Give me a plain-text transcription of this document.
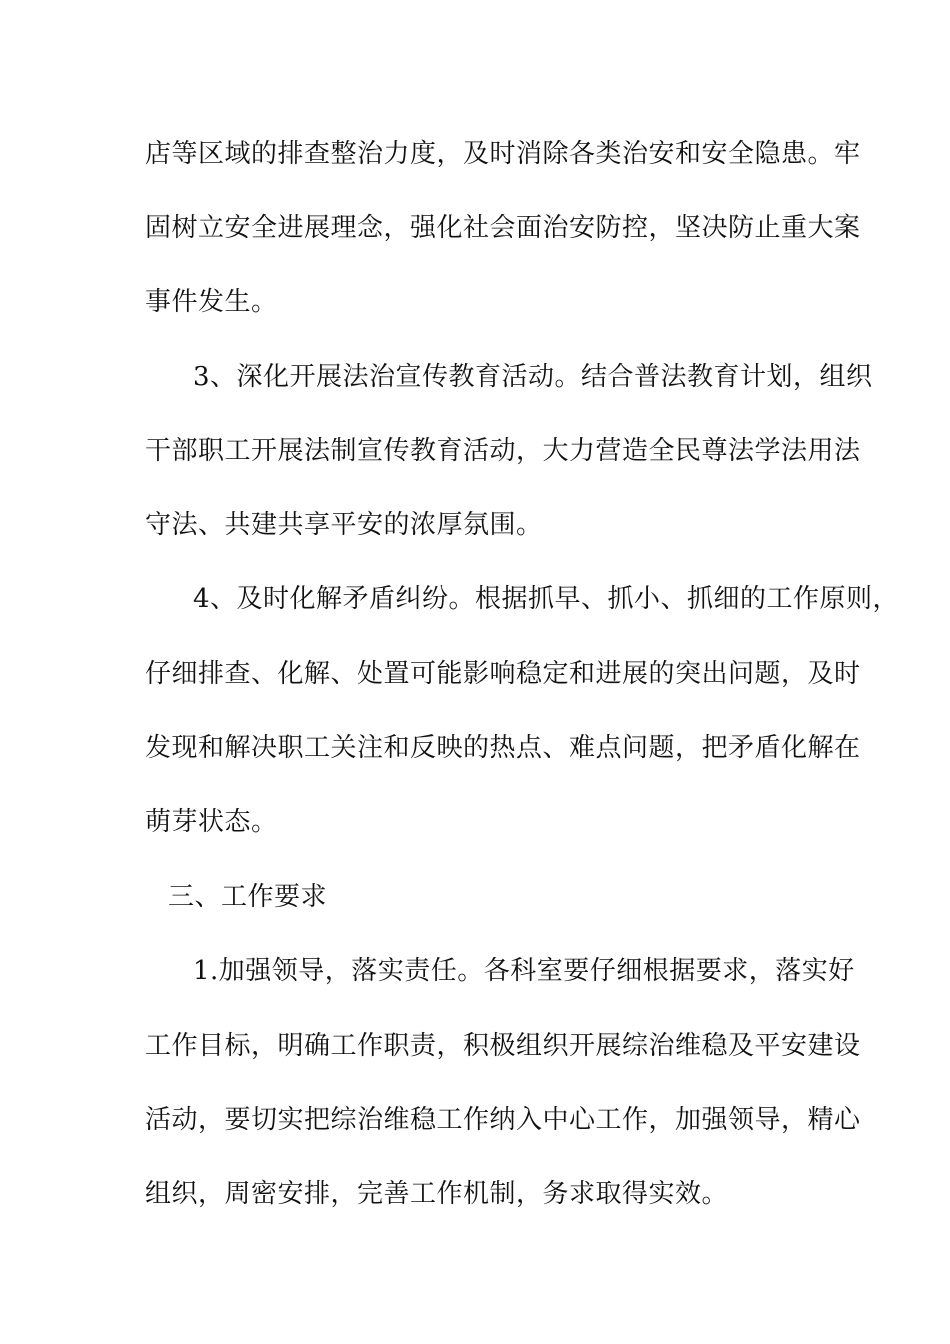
店等区域的排查整治力度，及时消除各类治安和安全隐患。牢
固树立安全进展理念，强化社会面治安防控，坚决防止重大案
事件发生。
3、深化开展法治宣传教育活动。结合普法教育计划，组织
干部职工开展法制宣传教育活动，大力营造全民尊法学法用法
守法、共建共享平安的浓厚氛围。
4、及时化解矛盾纠纷。根据抓早、抓小、抓细的工作原则，
仔细排查、化解、处置可能影响稳定和进展的突出问题，及时
发现和解决职工关注和反映的热点、难点问题，把矛盾化解在
萌芽状态。
三、工作要求
1.加强领导，落实责任。各科室要仔细根据要求，落实好
工作目标，明确工作职责，积极组织开展综治维稳及平安建设
活动，要切实把综治维稳工作纳入中心工作，加强领导，精心
组织，周密安排，完善工作机制，务求取得实效。
